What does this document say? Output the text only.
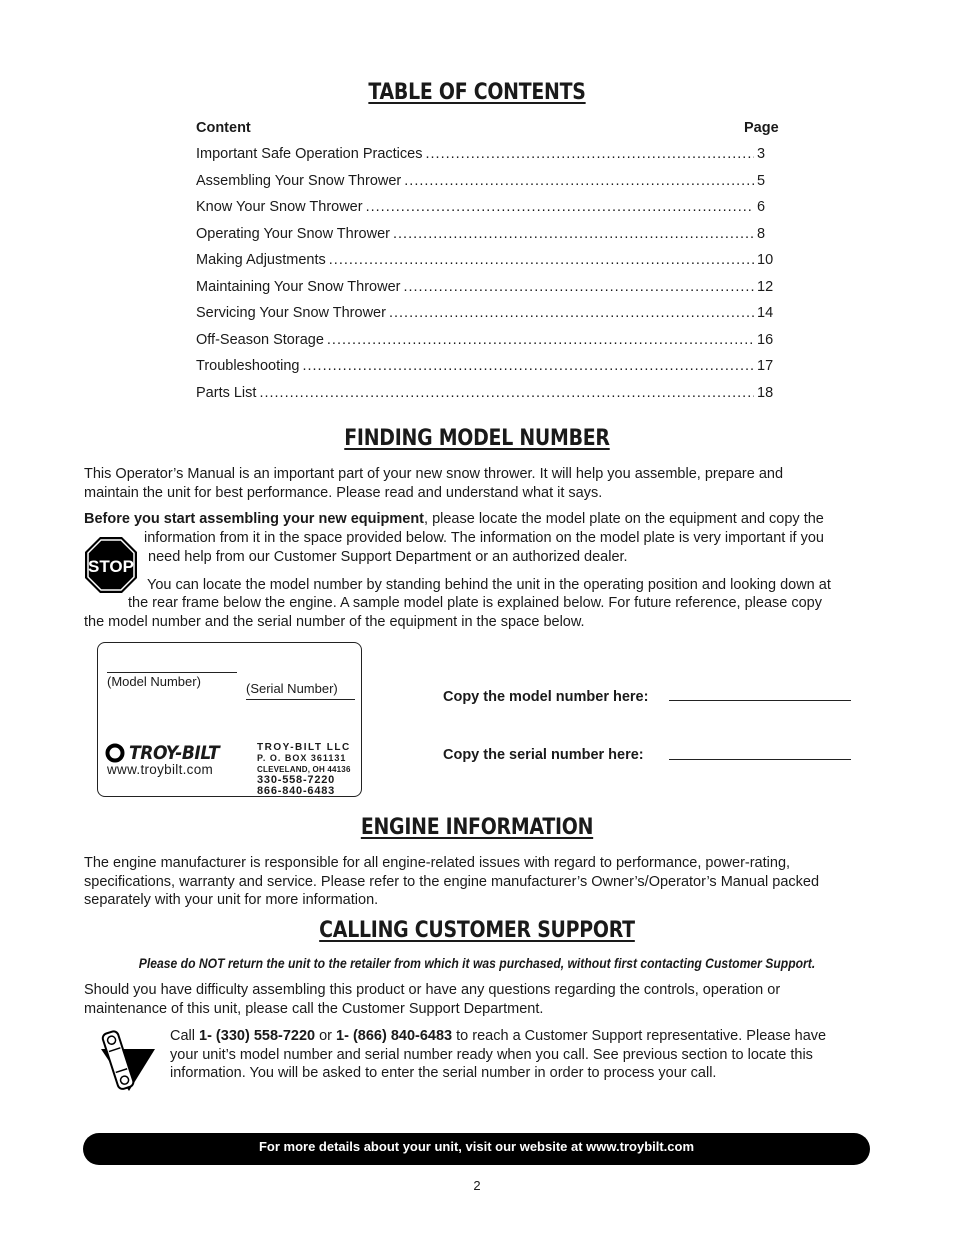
TABLE OF CONTENTS
Content	Page
Important Safe Operation Practices .....	3
Assembling Your Snow Thrower .....	5
Know Your Snow Thrower .....	6
Operating Your Snow Thrower .....	8
Making Adjustments .....	10
Maintaining Your Snow Thrower .....	12
Servicing Your Snow Thrower .....	14
Off-Season Storage .....	16
Troubleshooting .....	17
Parts List .....	18
FINDING MODEL NUMBER
This Operator’s Manual is an important part of your new snow thrower. It will help you assemble, prepare and
maintain the unit for best performance. Please read and understand what it says.
Before you start assembling your new equipment, please locate the model plate on the equipment and copy the
STOP
information from it in the space provided below. The information on the model plate is very important if you
need help from our Customer Support Department or an authorized dealer.
You can locate the model number by standing behind the unit in the operating position and looking down at
the rear frame below the engine. A sample model plate is explained below. For future reference, please copy
the model number and the serial number of the equipment in the space below.
(Model Number)	(Serial Number)
TROY-BILT
www.troybilt.com
TROY-BILT LLC
P. O. BOX 361131
CLEVELAND, OH 44136
330-558-7220
866-840-6483
Copy the model number here:
Copy the serial number here:
ENGINE INFORMATION
The engine manufacturer is responsible for all engine-related issues with regard to performance, power-rating,
specifications, warranty and service. Please refer to the engine manufacturer’s Owner’s/Operator’s Manual packed
separately with your unit for more information.
CALLING CUSTOMER SUPPORT
Please do NOT return the unit to the retailer from which it was purchased, without first contacting Customer Support.
Should you have difficulty assembling this product or have any questions regarding the controls, operation or
maintenance of this unit, please call the Customer Support Department.
Call 1- (330) 558-7220 or 1- (866) 840-6483 to reach a Customer Support representative. Please have
your unit’s model number and serial number ready when you call. See previous section to locate this
information. You will be asked to enter the serial number in order to process your call.
For more details about your unit, visit our website at www.troybilt.com
2
